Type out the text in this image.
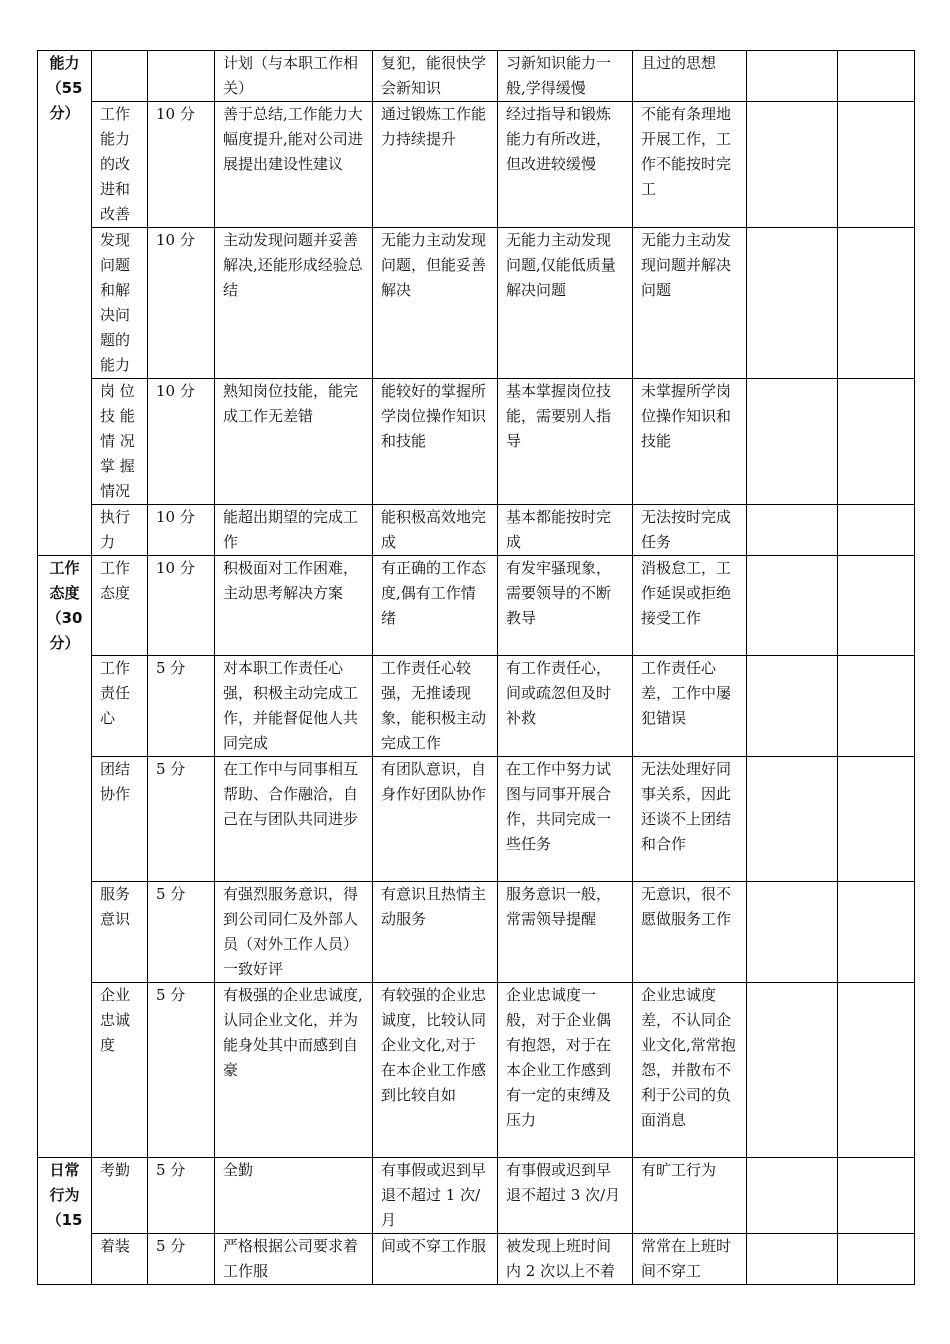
能力（55分）			计划（与本职工作相关）	复犯，能很快学会新知识	习新知识能力一般,学得缓慢	且过的思想		
	工作能力的改进和改善	10 分	善于总结,工作能力大幅度提升,能对公司进展提出建设性建议	通过锻炼工作能力持续提升	经过指导和锻炼能力有所改进，但改进较缓慢	不能有条理地开展工作，工作不能按时完工		
	发现问题和解决问题的能力	10 分	主动发现问题并妥善解决,还能形成经验总结	无能力主动发现问题，但能妥善解决	无能力主动发现问题,仅能低质量解决问题	无能力主动发现问题并解决问题		
	岗 位 技 能 情 况 掌 握 情况	10 分	熟知岗位技能，能完成工作无差错	能较好的掌握所学岗位操作知识和技能	基本掌握岗位技能，需要别人指导	未掌握所学岗位操作知识和技能		
	执行力	10 分	能超出期望的完成工作	能积极高效地完成	基本都能按时完成	无法按时完成任务		
工作态度（30分）	工作态度	10 分	积极面对工作困难，主动思考解决方案	有正确的工作态度,偶有工作情绪	有发牢骚现象，需要领导的不断教导	消极怠工，工作延误或拒绝接受工作		
	工作责任心	5 分	对本职工作责任心强，积极主动完成工作，并能督促他人共同完成	工作责任心较强，无推诿现象，能积极主动完成工作	有工作责任心，间或疏忽但及时补救	工作责任心差，工作中屡犯错误		
	团结协作	5 分	在工作中与同事相互帮助、合作融洽，自己在与团队共同进步	有团队意识，自身作好团队协作	在工作中努力试图与同事开展合作，共同完成一些任务	无法处理好同事关系，因此还谈不上团结和合作		
	服务意识	5 分	有强烈服务意识，得到公司同仁及外部人员（对外工作人员）一致好评	有意识且热情主动服务	服务意识一般，常需领导提醒	无意识，很不愿做服务工作		
	企业忠诚度	5 分	有极强的企业忠诚度,认同企业文化，并为能身处其中而感到自豪	有较强的企业忠诚度，比较认同企业文化,对于在本企业工作感到比较自如	企业忠诚度一般，对于企业偶有抱怨，对于在本企业工作感到有一定的束缚及压力	企业忠诚度差，不认同企业文化,常常抱怨，并散布不利于公司的负面消息		
日常行为（15	考勤	5 分	全勤	有事假或迟到早退不超过 1 次/月	有事假或迟到早退不超过 3 次/月	有旷工行为		
	着装	5 分	严格根据公司要求着工作服	间或不穿工作服	被发现上班时间内 2 次以上不着	常常在上班时间不穿工		
